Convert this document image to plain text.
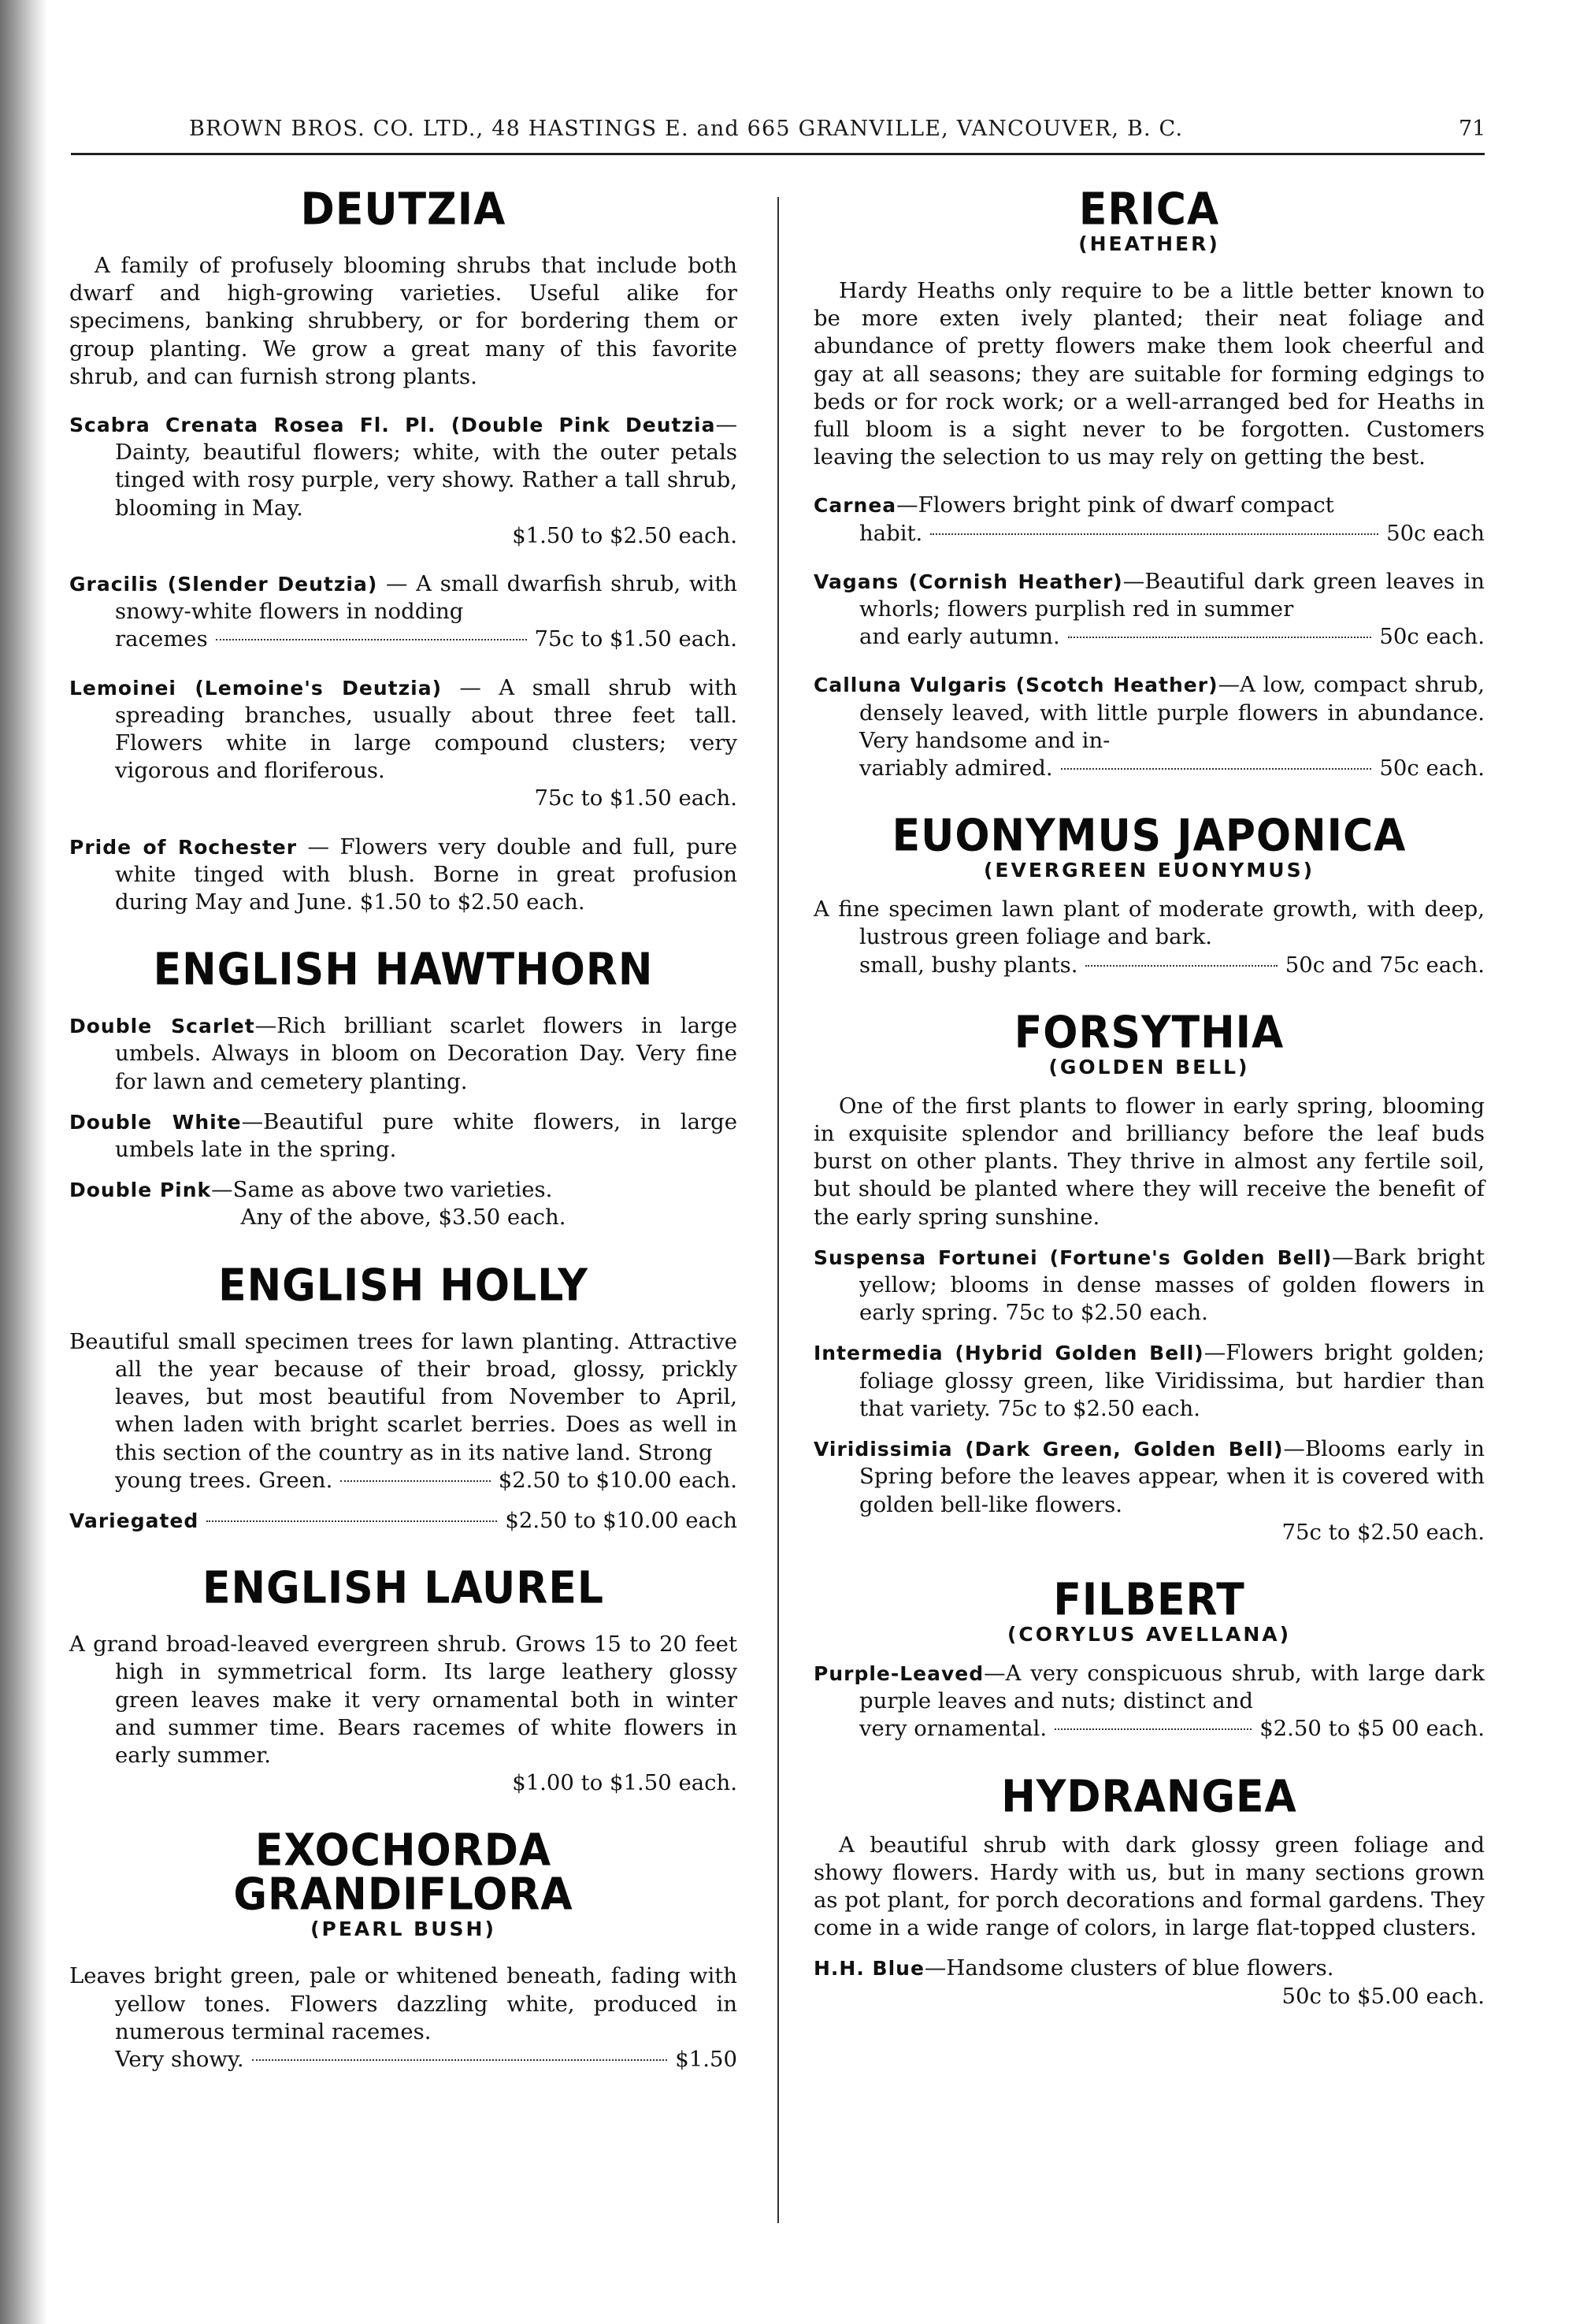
BROWN BROS. CO. LTD., 48 HASTINGS E. and 665 GRANVILLE, VANCOUVER, B. C.	71
DEUTZIA

A family of profusely blooming shrubs that include both dwarf and high-growing varieties. Useful alike for specimens, banking shrubbery, or for bordering them or group planting. We grow a great many of this favorite shrub, and can furnish strong plants.

Scabra Crenata Rosea Fl. Pl. (Double Pink Deutzia—Dainty, beautiful flowers; white, with the outer petals tinged with rosy purple, very showy. Rather a tall shrub, blooming in May.

$1.50 to $2.50 each.

Gracilis (Slender Deutzia) — A small dwarfish shrub, with snowy-white flowers in nodding

racemes	75c to $1.50 each.

Lemoinei (Lemoine's Deutzia) — A small shrub with spreading branches, usually about three feet tall. Flowers white in large compound clusters; very vigorous and floriferous.

75c to $1.50 each.

Pride of Rochester — Flowers very double and full, pure white tinged with blush. Borne in great profusion during May and June. $1.50 to $2.50 each.

ENGLISH HAWTHORN

Double Scarlet—Rich brilliant scarlet flowers in large umbels. Always in bloom on Decoration Day. Very fine for lawn and cemetery planting.

Double White—Beautiful pure white flowers, in large umbels late in the spring.

Double Pink—Same as above two varieties.

Any of the above, $3.50 each.

ENGLISH HOLLY

Beautiful small specimen trees for lawn planting. Attractive all the year because of their broad, glossy, prickly leaves, but most beautiful from November to April, when laden with bright scarlet berries. Does as well in this section of the country as in its native land. Strong

young trees. Green.	$2.50 to $10.00 each.
Variegated	$2.50 to $10.00 each
ENGLISH LAUREL

A grand broad-leaved evergreen shrub. Grows 15 to 20 feet high in symmetrical form. Its large leathery glossy green leaves make it very ornamental both in winter and summer time. Bears racemes of white flowers in early summer.

$1.00 to $1.50 each.

EXOCHORDA
GRANDIFLORA

(PEARL BUSH)

Leaves bright green, pale or whitened beneath, fading with yellow tones. Flowers dazzling white, produced in numerous terminal racemes.

Very showy.	$1.50
ERICA

(HEATHER)

Hardy Heaths only require to be a little better known to be more exten ively planted; their neat foliage and abundance of pretty flowers make them look cheerful and gay at all seasons; they are suitable for forming edgings to beds or for rock work; or a well-arranged bed for Heaths in full bloom is a sight never to be forgotten. Customers leaving the selection to us may rely on getting the best.

Carnea—Flowers bright pink of dwarf compact

habit.	50c each

Vagans (Cornish Heather)—Beautiful dark green leaves in whorls; flowers purplish red in summer

and early autumn.	50c each.

Calluna Vulgaris (Scotch Heather)—A low, compact shrub, densely leaved, with little purple flowers in abundance. Very handsome and in-

variably admired.	50c each.
EUONYMUS JAPONICA

(EVERGREEN EUONYMUS)

A fine specimen lawn plant of moderate growth, with deep, lustrous green foliage and bark.

small, bushy plants.	50c and 75c each.
FORSYTHIA

(GOLDEN BELL)

One of the first plants to flower in early spring, blooming in exquisite splendor and brilliancy before the leaf buds burst on other plants. They thrive in almost any fertile soil, but should be planted where they will receive the benefit of the early spring sunshine.

Suspensa Fortunei (Fortune's Golden Bell)—Bark bright yellow; blooms in dense masses of golden flowers in early spring. 75c to $2.50 each.

Intermedia (Hybrid Golden Bell)—Flowers bright golden; foliage glossy green, like Viridissima, but hardier than that variety. 75c to $2.50 each.

Viridissimia (Dark Green, Golden Bell)—Blooms early in Spring before the leaves appear, when it is covered with golden bell-like flowers.

75c to $2.50 each.

FILBERT

(CORYLUS AVELLANA)

Purple-Leaved—A very conspicuous shrub, with large dark purple leaves and nuts; distinct and

very ornamental.	$2.50 to $5 00 each.
HYDRANGEA

A beautiful shrub with dark glossy green foliage and showy flowers. Hardy with us, but in many sections grown as pot plant, for porch decorations and formal gardens. They come in a wide range of colors, in large flat-topped clusters.

H.H. Blue—Handsome clusters of blue flowers.

50c to $5.00 each.
